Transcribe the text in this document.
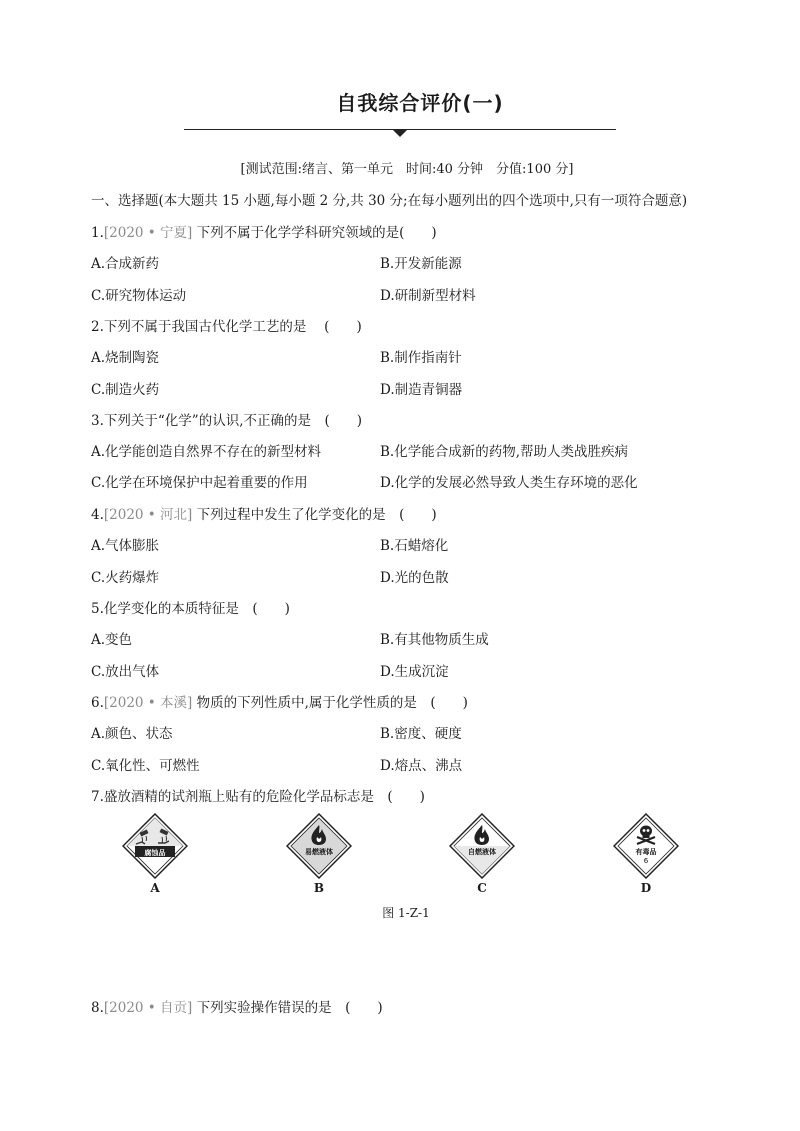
自我综合评价(一)
[测试范围:绪言、第一单元　时间:40 分钟　分值:100 分]
一、选择题(本大题共 15 小题,每小题 2 分,共 30 分;在每小题列出的四个选项中,只有一项符合题意)
1.[2020 • 宁夏] 下列不属于化学学科研究领域的是(　　)
A.合成新药	B.开发新能源
C.研究物体运动	D.研制新型材料
2.下列不属于我国古代化学工艺的是　 (　　)
A.烧制陶瓷	B.制作指南针
C.制造火药	D.制造青铜器
3.下列关于“化学”的认识,不正确的是　(　　)
A.化学能创造自然界不存在的新型材料	B.化学能合成新的药物,帮助人类战胜疾病
C.化学在环境保护中起着重要的作用	D.化学的发展必然导致人类生存环境的恶化
4.[2020 • 河北] 下列过程中发生了化学变化的是　(　　)
A.气体膨胀	B.石蜡熔化
C.火药爆炸	D.光的色散
5.化学变化的本质特征是　(　　)
A.变色	B.有其他物质生成
C.放出气体	D.生成沉淀
6.[2020 • 本溪] 物质的下列性质中,属于化学性质的是　(　　)
A.颜色、状态	B.密度、硬度
C.氧化性、可燃性	D.熔点、沸点
7.盛放酒精的试剂瓶上贴有的危险化学品标志是　(　　)
腐蚀品
A
易燃液体
B
自燃液体
C
有毒品
6
D
图 1-Z-1
8.[2020 • 自贡] 下列实验操作错误的是　(　　)
